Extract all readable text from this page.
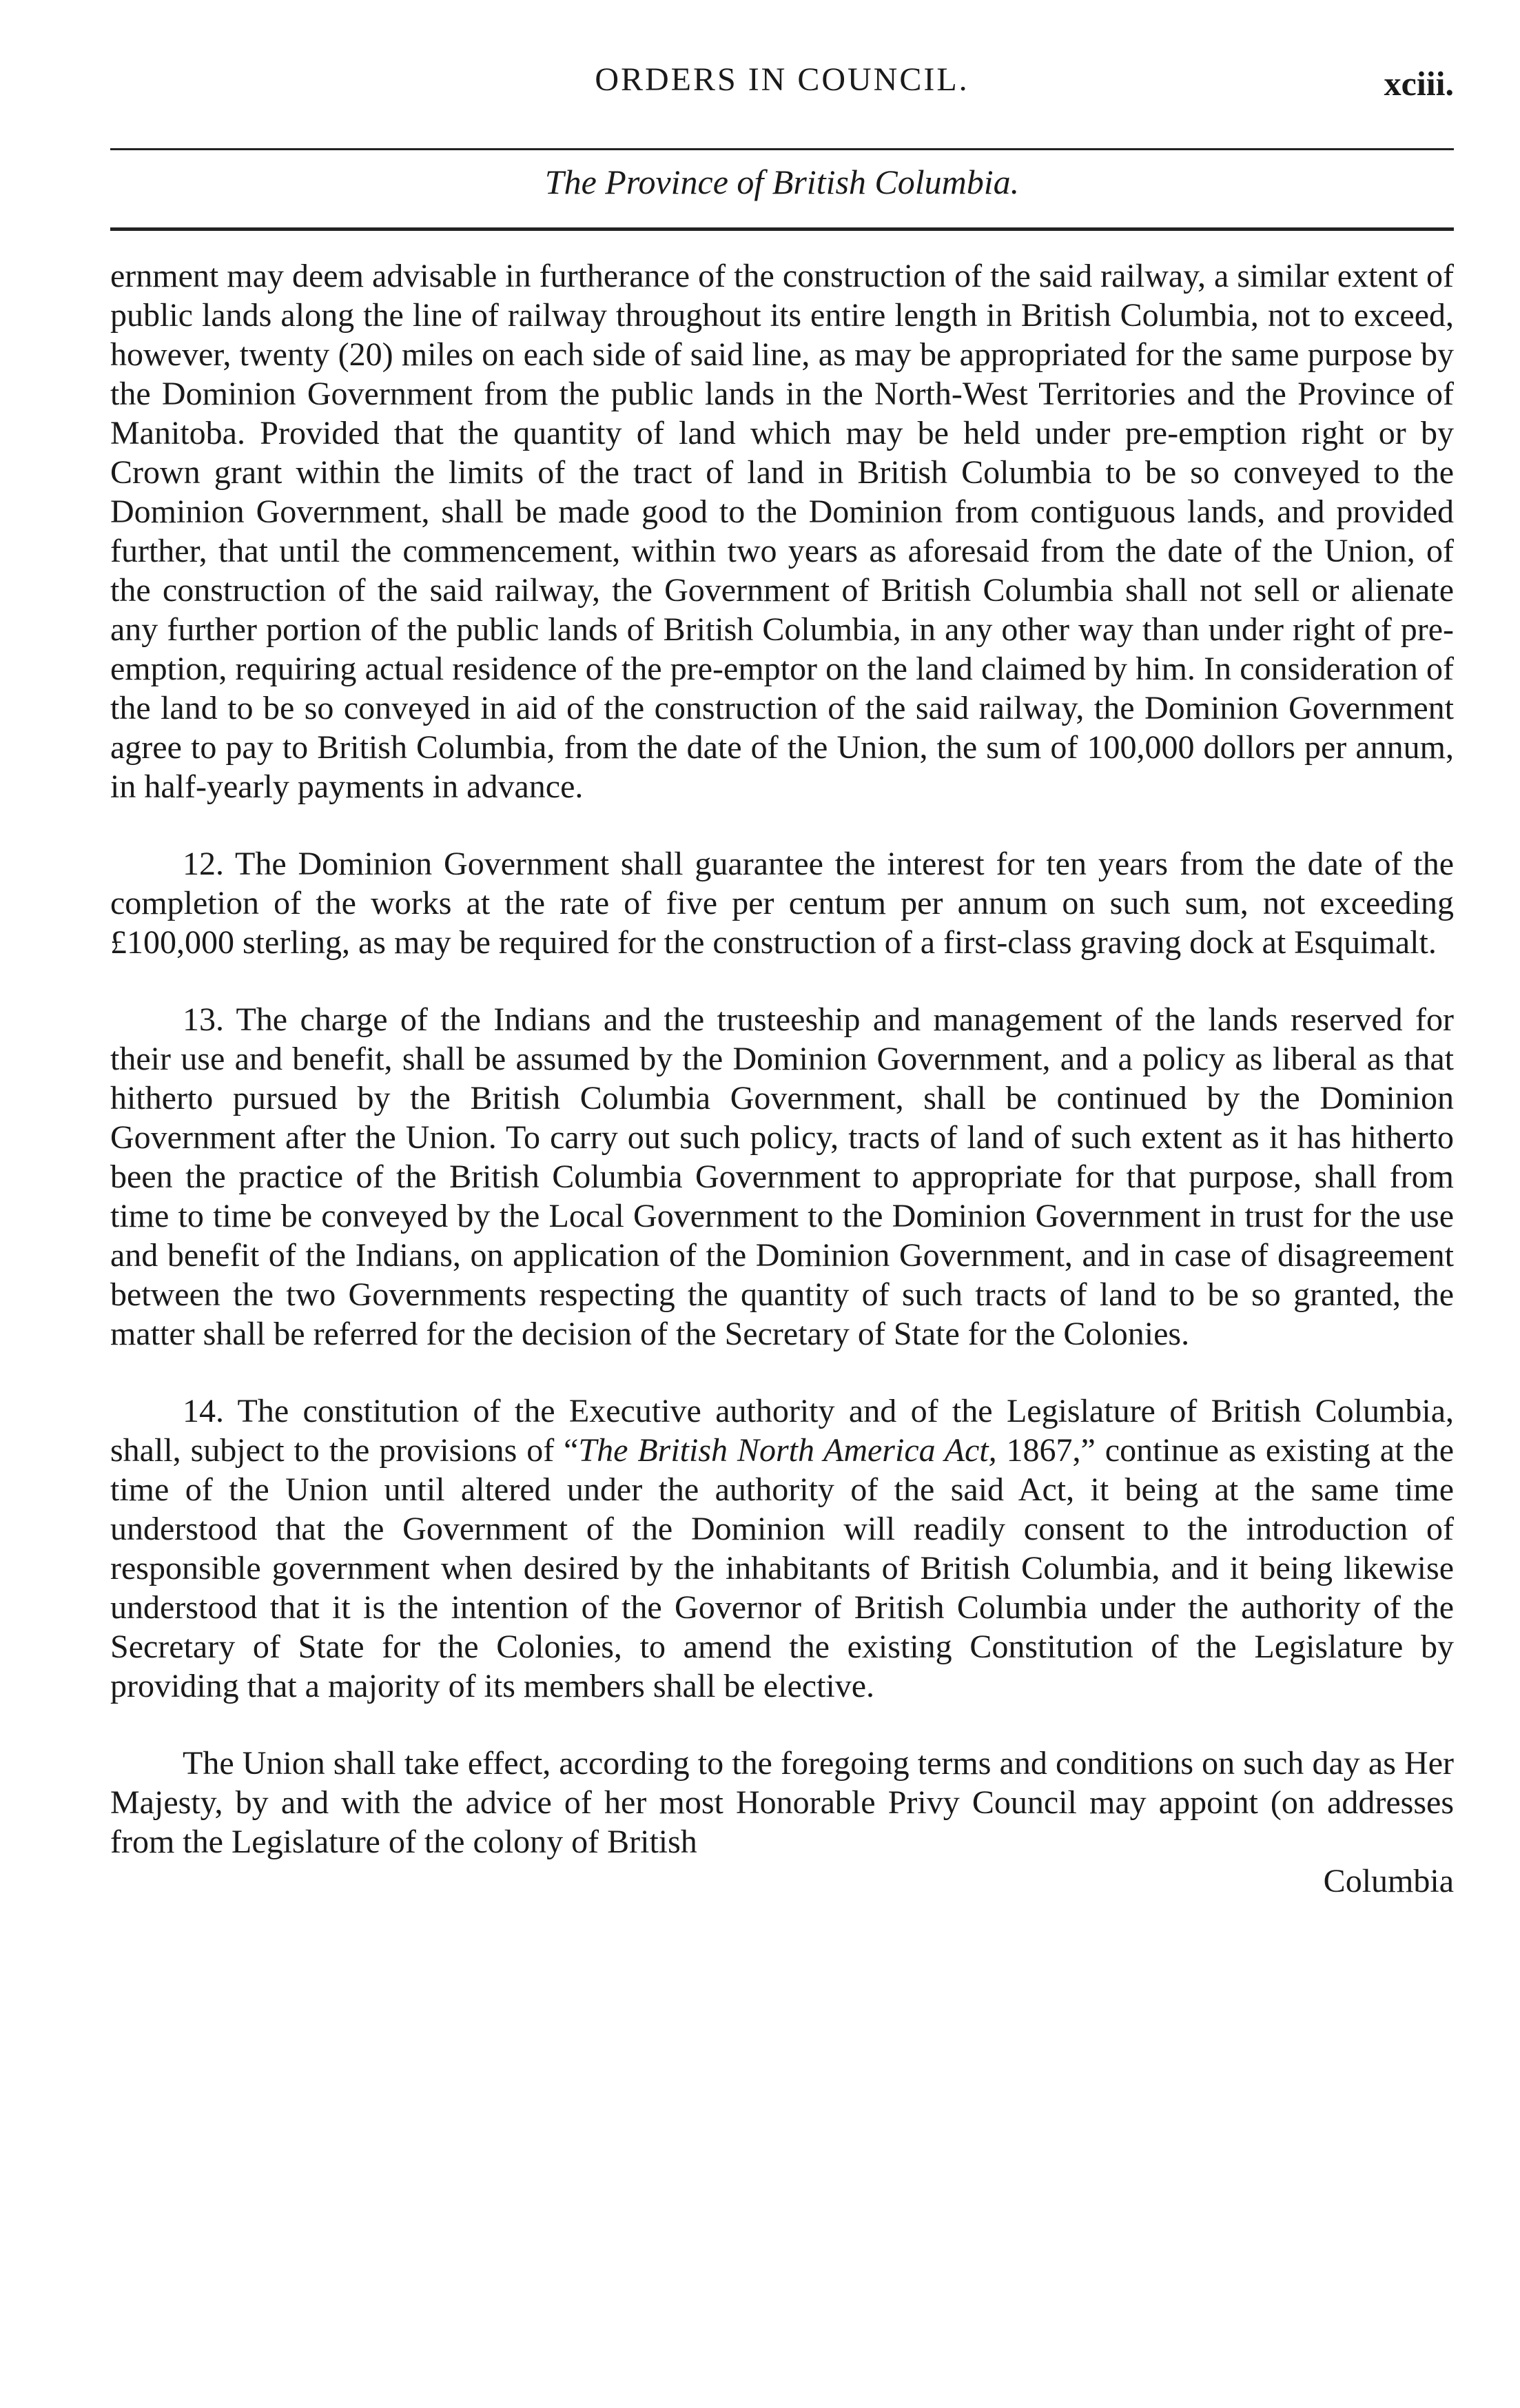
ORDERS IN COUNCIL.	xciii.
The Province of British Columbia.

ernment may deem advisable in furtherance of the construction of the said railway, a similar extent of public lands along the line of railway throughout its entire length in British Columbia, not to exceed, however, twenty (20) miles on each side of said line, as may be appropriated for the same purpose by the Dominion Government from the public lands in the North-West Territories and the Province of Manitoba. Provided that the quantity of land which may be held under pre-emption right or by Crown grant within the limits of the tract of land in British Columbia to be so conveyed to the Dominion Government, shall be made good to the Dominion from contiguous lands, and provided further, that until the commencement, within two years as aforesaid from the date of the Union, of the construction of the said railway, the Government of British Columbia shall not sell or alienate any further portion of the public lands of British Columbia, in any other way than under right of pre-emption, requiring actual residence of the pre-emptor on the land claimed by him. In consideration of the land to be so conveyed in aid of the construction of the said railway, the Dominion Government agree to pay to British Columbia, from the date of the Union, the sum of 100,000 dollors per annum, in half-yearly payments in advance.

12. The Dominion Government shall guarantee the interest for ten years from the date of the completion of the works at the rate of five per centum per annum on such sum, not exceeding £100,000 sterling, as may be required for the construction of a first-class graving dock at Esquimalt.

13. The charge of the Indians and the trusteeship and management of the lands reserved for their use and benefit, shall be assumed by the Dominion Government, and a policy as liberal as that hitherto pursued by the British Columbia Government, shall be continued by the Dominion Government after the Union. To carry out such policy, tracts of land of such extent as it has hitherto been the practice of the British Columbia Government to appropriate for that purpose, shall from time to time be conveyed by the Local Government to the Dominion Government in trust for the use and benefit of the Indians, on application of the Dominion Government, and in case of disagreement between the two Governments respecting the quantity of such tracts of land to be so granted, the matter shall be referred for the decision of the Secretary of State for the Colonies.

14. The constitution of the Executive authority and of the Legislature of British Columbia, shall, subject to the provisions of “The British North America Act, 1867,” continue as existing at the time of the Union until altered under the authority of the said Act, it being at the same time understood that the Government of the Dominion will readily consent to the introduction of responsible government when desired by the inhabitants of British Columbia, and it being likewise understood that it is the intention of the Governor of British Columbia under the authority of the Secretary of State for the Colonies, to amend the existing Constitution of the Legislature by providing that a majority of its members shall be elective.

The Union shall take effect, according to the foregoing terms and conditions on such day as Her Majesty, by and with the advice of her most Honorable Privy Council may appoint (on addresses from the Legislature of the colony of British

Columbia
